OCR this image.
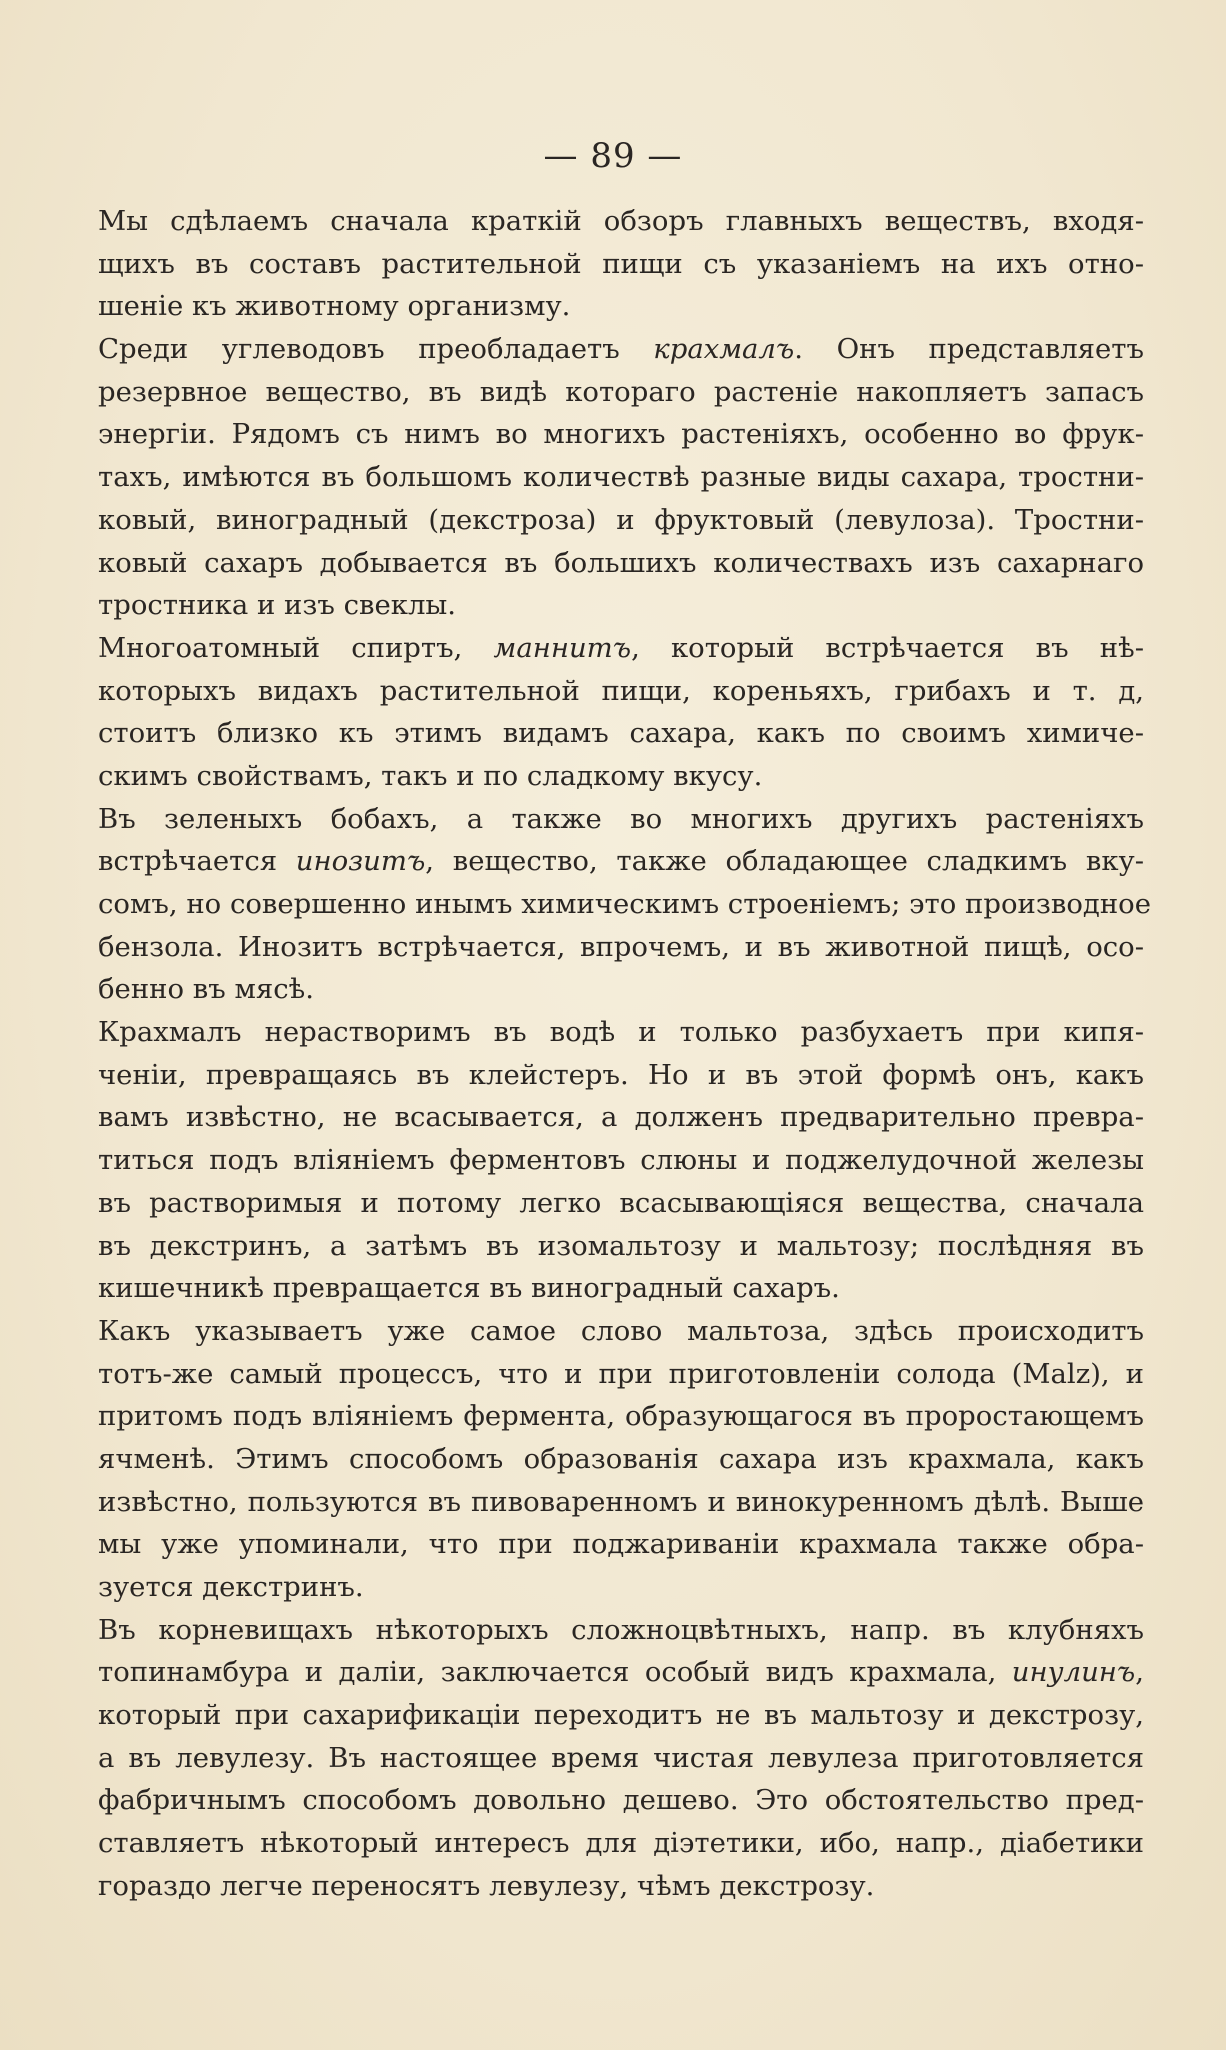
— 89 —
Мы сдѣлаемъ сначала краткій обзоръ главныхъ веществъ, входя-
щихъ въ составъ растительной пищи съ указаніемъ на ихъ отно-
шеніе къ животному организму.
Среди углеводовъ преобладаетъ крахмалъ. Онъ представляетъ
резервное вещество, въ видѣ котораго растеніе накопляетъ запасъ
энергіи. Рядомъ съ нимъ во многихъ растеніяхъ, особенно во фрук-
тахъ, имѣются въ большомъ количествѣ разные виды сахара, тростни-
ковый, виноградный (декстроза) и фруктовый (левулоза). Тростни-
ковый сахаръ добывается въ большихъ количествахъ изъ сахарнаго
тростника и изъ свеклы.
Многоатомный спиртъ, маннитъ, который встрѣчается въ нѣ-
которыхъ видахъ растительной пищи, кореньяхъ, грибахъ и т. д,
стоитъ близко къ этимъ видамъ сахара, какъ по своимъ химиче-
скимъ свойствамъ, такъ и по сладкому вкусу.
Въ зеленыхъ бобахъ, а также во многихъ другихъ растеніяхъ
встрѣчается инозитъ, вещество, также обладающее сладкимъ вку-
сомъ, но совершенно инымъ химическимъ строеніемъ; это производное
бензола. Инозитъ встрѣчается, впрочемъ, и въ животной пищѣ, осо-
бенно въ мясѣ.
Крахмалъ нерастворимъ въ водѣ и только разбухаетъ при кипя-
ченіи, превращаясь въ клейстеръ. Но и въ этой формѣ онъ, какъ
вамъ извѣстно, не всасывается, а долженъ предварительно превра-
титься подъ вліяніемъ ферментовъ слюны и поджелудочной железы
въ растворимыя и потому легко всасывающіяся вещества, сначала
въ декстринъ, а затѣмъ въ изомальтозу и мальтозу; послѣдняя въ
кишечникѣ превращается въ виноградный сахаръ.
Какъ указываетъ уже самое слово мальтоза, здѣсь происходитъ
тотъ-же самый процессъ, что и при приготовленіи солода (Malz), и
притомъ подъ вліяніемъ фермента, образующагося въ проростающемъ
ячменѣ. Этимъ способомъ образованія сахара изъ крахмала, какъ
извѣстно, пользуются въ пивоваренномъ и винокуренномъ дѣлѣ. Выше
мы уже упоминали, что при поджариваніи крахмала также обра-
зуется декстринъ.
Въ корневищахъ нѣкоторыхъ сложноцвѣтныхъ, напр. въ клубняхъ
топинамбура и даліи, заключается особый видъ крахмала, инулинъ,
который при сахарификаціи переходитъ не въ мальтозу и декстрозу,
а въ левулезу. Въ настоящее время чистая левулеза приготовляется
фабричнымъ способомъ довольно дешево. Это обстоятельство пред-
ставляетъ нѣкоторый интересъ для діэтетики, ибо, напр., діабетики
гораздо легче переносятъ левулезу, чѣмъ декстрозу.
